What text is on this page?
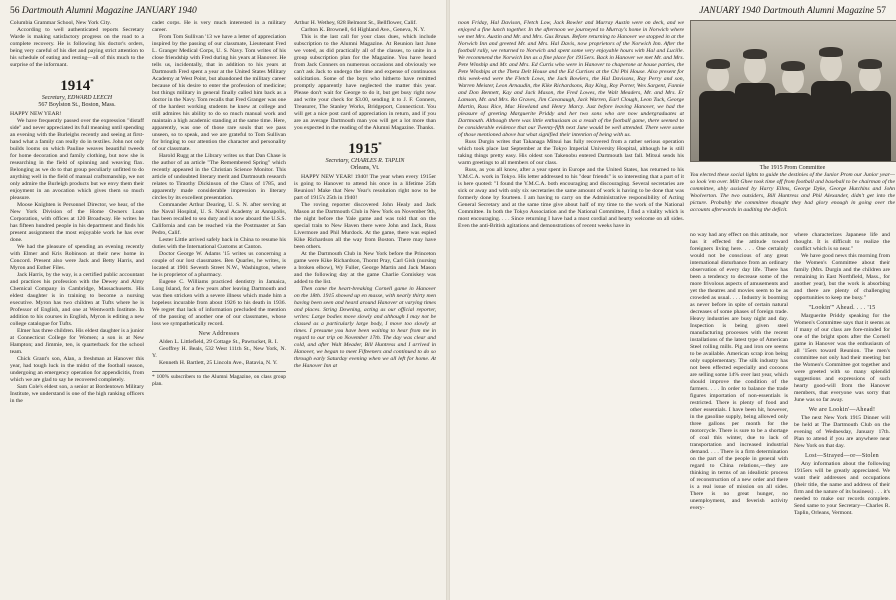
56 Dartmouth Alumni Magazine JANUARY 1940

Columbia Grammar School, New York City.

According to well authenticated reports Secretary Warde is making satisfactory progress on the road to a complete recovery. He is following his doctor's orders, being very careful of his diet and paying strict attention to his schedule of eating and resting—all of this much to the surprise of the informant.

1914*
Secretary, EDWARD LEECH
567 Boylston St., Boston, Mass.

HAPPY NEW YEAR!

We have frequently passed over the expression "distaff side" and never appreciated its full meaning until spending an evening with the Burleighs recently and seeing at first-hand what a family can really do in textiles. John not only builds looms on which Pauline weaves beautiful tweeds for home decoration and family clothing, but now she is researching in the field of spinning and weaving flax. Belonging as we do to that group peculiarly unfitted to do anything well in the field of manual craftsmanship, we not only admire the Burleigh products but we envy them their enjoyment in an avocation which gives them so much pleasure.

Moose Knighten is Personnel Director, we hear, of the New York Division of the Home Owners Loan Corporation, with offices at 120 Broadway. He writes he has fifteen hundred people in his department and finds his present assignment the most enjoyable work he has ever done.

We had the pleasure of spending an evening recently with Elmer and Kris Robinson at their new home in Concord. Present also were Jack and Betty Harris, and Myron and Esther Files.

Jack Harris, by the way, is a certified public accountant and practices his profession with the Dewey and Almy Chemical Company in Cambridge, Massachusetts. His eldest daughter is in training to become a nursing executive. Myron has two children at Tufts where he is Professor of English, and one at Wentworth Institute. In addition to his courses in English, Myron is editing a new college catalogue for Tufts.

Elmer has three children. His eldest daughter is a junior at Connecticut College for Women; a son is at New Hampton; and Jimmie, ten, is quarterback for the school team.

Chick Grant's son, Alan, a freshman at Hanover this year, had tough luck in the midst of the football season, undergoing an emergency operation for appendicitis, from which we are glad to say he recovered completely.

Sam Cole's eldest son, a senior at Bordentown Military Institute, we understand is one of the high ranking officers in the

cadet corps. He is very much interested in a military career.

From Tom Sullivan '13 we have a letter of appreciation inspired by the passing of our classmate, Lieutenant Fred L. Granger Medical Corps, U. S. Navy. Tom writes of his close friendship with Fred during his years at Hanover. He tells us, incidentally, that in addition to his years at Dartmouth Fred spent a year at the United States Military Academy at West Point, but abandoned the military career because of his desire to enter the profession of medicine; but things military in general finally called him back as a doctor in the Navy. Tom recalls that Fred Granger was one of the hardest working students he knew at college and still admires his ability to do so much manual work and maintain a high academic standing at the same time. Here, apparently, was one of those rare souls that we pass unseen, so to speak, and we are grateful to Tom Sullivan for bringing to our attention the character and personality of our classmate.

Harold Rugg at the Library writes us that Dan Chase is the author of an article "The Remembered Spring" which recently appeared in the Christian Science Monitor. This article of undoubted literary merit and Dartmouth research relates to Timothy Dickinson of the Class of 1785, and apparently made considerable impression in literary circles by its excellent presentation.

Commander Arthur Dearing, U. S. N. after serving at the Naval Hospital, U. S. Naval Academy at Annapolis, has been recalled to sea duty and is now aboard the U.S.S. California and can be reached via the Postmaster at San Pedro, Calif.

Lester Little arrived safely back in China to resume his duties with the International Customs at Canton.

Doctor George W. Adams '15 writes us concerning a couple of our lost classmates. Ben Quarles, he writes, is located at 1901 Seventh Street N.W., Washington, where he is proprietor of a pharmacy.

Eugene C. Williams practiced dentistry in Jamaica, Long Island, for a few years after leaving Dartmouth and was then stricken with a severe illness which made him a hopeless incurable from about 1926 to his death in 1936. We regret that lack of information precluded the mention of the passing of another one of our classmates, whose loss we sympathetically record.

New Addresses

Alden L. Littlefield, 29 Cottage St., Pawtucket, R. I.

Geoffrey H. Beals, 532 West 111th St., New York, N. Y.

Kenneth H. Bartlett, 25 Lincoln Ave., Batavia, N. Y.

* 100% subscribers to the Alumni Magazine, on class group plan.

Arthur H. Wethey, 828 Belmont St., Bellflower, Calif.

Carlton K. Brownell, 64 Highland Ave., Geneva, N. Y.

This is the last call for your class dues, which include subscription to the Alumni Magazine. At Reunion last June we voted, as did practically all of the classes, to unite in a group subscription plan for the Magazine. You have heard from Jack Conners on numerous occasions and obviously we can't ask Jack to undergo the time and expense of continuous solicitation. Some of the boys who hitherto have remitted promptly apparently have neglected the matter this year. Please don't wait for George to do it, but get busy right now and write your check for $3.00, sending it to J. F. Conners, Treasurer, The Stanley Works, Bridgeport, Connecticut. You will get a nice post card of appreciation in return, and if you are an average Dartmouth man you will get a lot more than you expected in the reading of the Alumni Magazine. Thanks.

1915*
Secretary, CHARLES R. TAPLIN
Orleans, Vt.

HAPPY NEW YEAR! 1940! The year when every 1915er is going to Hanover to attend his once in a lifetime 25th Reunion! Make that New Year's resolution right now to be part of 1915's 25th in 1940!

The roving reporter discovered John Healy and Jack Mason at the Dartmouth Club in New York on November 9th, the night before the Yale game and was told that on the special train to New Haven there were John and Jack, Russ Livermore and Phil Murdock. At the game, there was espied Kike Richardson all the way from Boston. There may have been others.

At the Dartmouth Club in New York before the Princeton game were Kike Richardson, Thornt Pray, Carl Gish (nursing a broken elbow), Wy Fuller, George Martin and Jack Mason and the following day at the game Charlie Comiskey was added to the list.

Then came the heart-breaking Cornell game in Hanover on the 18th. 1915 showed up en masse, with nearly thirty men having been seen and heard around Hanover at varying times and places. String Downing, acting as our official reporter, writes: Large bodies move slowly and although I may not be classed as a particularly large body, I move too slowly at times. I presume you have been waiting to hear from me in regard to our trip on November 17th. The day was clear and cold, and after Walt Meader, Bill Huntress and I arrived in Hanover, we began to meet Fifteeners and continued to do so through early Saturday evening when we all left for home. At the Hanover Inn at

JANUARY 1940 Dartmouth Alumni Magazine 57

noon Friday, Hal Davison, Fletch Low, Jack Bowler and Murray Austin were on deck, and we enjoyed a fine lunch together. In the afternoon we journeyed to Murray's home in Norwich where we met Mrs. Austin and Mr. and Mrs. Gus Braun. Before returning to Hanover we stopped in at the Norwich Inn and greeted Mr. and Mrs. Hal Davis, now proprietors of the Norwich Inn. After the football rally, we returned to Norwich and spent some very enjoyable hours with Hal and Lucille. We recommend the Norwich Inn as a fine place for 1915ers. Back in Hanover we met Mr. and Mrs. Pete Winship and Mr. and Mrs. Ed Curtis who were in Hanover to chaperone at house parties, the Pete Winships at the Theta Delt House and the Ed Curtises at the Chi Phi House. Also present for this week-end were the Fletch Lows, the Jack Bowlers, the Hal Davisons, Ray Perry and son, Warren Meister, Leon Arnaudin, the Kike Richardsons, Ray King, Roy Porter, Wes Sargent, Fannie and Don Bennett, Kay and Jack Mason, the Fred Lowes, the Walt Meaders, Mr. and Mrs. Er Lamson, Mr. and Mrs. Ro Graves, Jim Cavanaugh, Jack Warren, Earl Clough, Leon Tuck, George Martin, Russ Rice, Mac Howland and Henry Marcy. Just before leaving Hanover, we had the pleasure of greeting Marguerite Priddy and her two sons who are now undergraduates at Dartmouth. Although there was little enthusiasm as a result of the football game, there seemed to be considerable evidence that our Twenty-fifth next June would be well attended. There were some of those mentioned above but what signified their intention of being with us.

Russ Durgin writes that Takanaga Mitsui has fully recovered from a rather serious operation which took place last September at the Tokyo Imperial University Hospital, although he is still taking things pretty easy. His oldest son Takenobu entered Dartmouth last fall. Mitsui sends his warm greetings to all members of our class.

Russ, as you all know, after a year spent in Europe and the United States, has returned to his Y.M.C.A. work in Tokyo. His letter addressed to his "dear friends" is so interesting that a part of it is here quoted: "I found the Y.M.C.A. both encouraging and discouraging. Several secretaries are sick or away and with only six secretaries the same amount of work is having to be done that was formerly done by fourteen. I am having to carry on the Administrative responsibility of Acting General Secretary and at the same time give about half of my time to the work of the National Committee. In both the Tokyo Association and the National Committee, I find a vitality which is most encouraging. . . . Since returning I have had a most cordial and hearty welcome on all sides. Even the anti-British agitations and demonstrations of recent weeks have in

The 1915 Prom Committee
You elected these social lights to guide the destinies of the Junior Prom our Junior year—so look 'em over. Milt Ghee took time off from football and baseball to be chairman of the committee, ably assisted by Harry Ellms, George Dyke, George Hutchins and John Woolverton. The two outsiders, Bill Huntress and Phil Alexander, didn't get into the picture. Probably the committee thought they had glory enough in going over the accounts afterwards in auditing the deficit.

no way had any effect on this attitude, nor has it effected the attitude toward foreigners living here. . . . One certainly would not be conscious of any great international disturbance from an ordinary observation of every day life. There has been a tendency to decrease some of the more frivolous aspects of amusements and yet the theatres and movies seem to be as crowded as usual. . . . Industry is booming as never before in spite of certain natural decreases of some phases of foreign trade. Heavy industries are busy night and day. Inspection is being given steel manufacturing processes with the recent installations of the latest type of American Steel rolling mills. Pig and iron ore seems to be available. American scrap iron being only supplementary. The silk industry has not been effected especially and cocoons are selling some 14% over last year, which should improve the condition of the farmers. . . . In order to balance the trade figures importation of non-essentials is restricted. There is plenty of food and other essentials. I have been hit, however, in the gasoline supply, being allowed only three gallons per month for the motorcycle. There is sure to be a shortage of coal this winter, due to lack of transportation and increased industrial demand. . . . There is a firm determination on the part of the people in general with regard to China relations,—they are thinking in terms of an idealistic process of reconstruction of a new order and there is a real issue of mission on all sides. There is no great hunger, no unemployment, and feverish activity every-

where characterizes Japanese life and thought. It is difficult to realize the conflict which is so near."

We have good news this morning from the Women's Committee about their family (Mrs. Durgin and the children are remaining in East Northfield, Mass., for another year), but the work is absorbing and there are plenty of challenging opportunities to keep me busy."

"Lookin'" Ahead. . . . '15

Marguerite Priddy speaking for the Women's Committee says that it seems as if many of our class are fore-minded for one of the bright spots after the Cornell game in Hanover was the enthusiasm of all '15ers toward Reunion. The men's committee not only had their meeting but the Women's Committee got together and were greeted with so many splendid suggestions and expressions of such hearty good-will from the Hanover members, that everyone was sorry that June was so far away.

We are Lookin'—Ahead!

The next New York 1915 Dinner will be held at The Dartmouth Club on the evening of Wednesday, January 17th. Plan to attend if you are anywhere near New York on that day.

Lost—Strayed—or—Stolen

Any information about the following 1915ers will be greatly appreciated. We want their addresses and occupations (their title, the name and address of their firm and the nature of its business) . . . it's needed to make our records complete. Send same to your Secretary—Charles R. Taplin, Orleans, Vermont.
